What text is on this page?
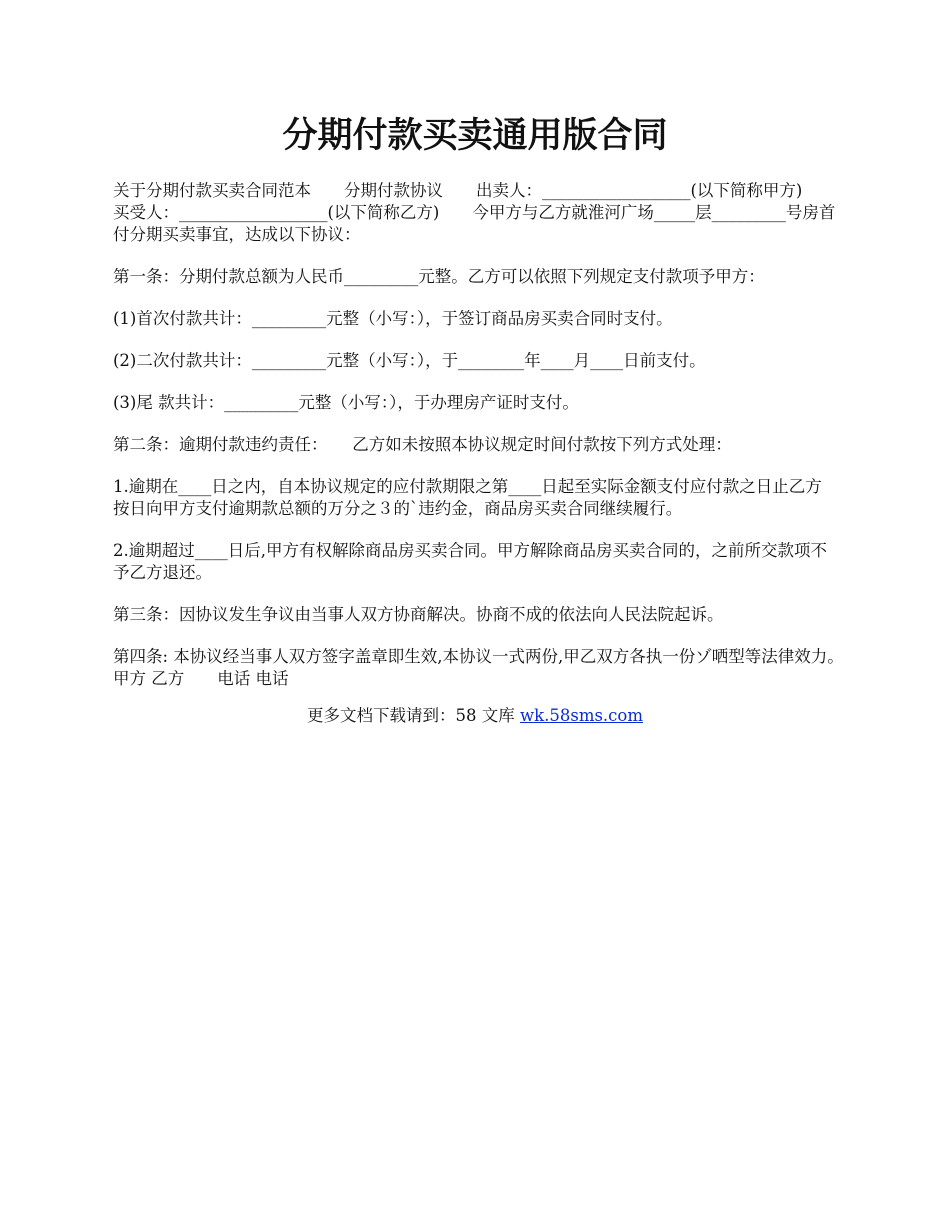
分期付款买卖通用版合同

关于分期付款买卖合同范本　　分期付款协议　　出卖人：__________________(以下简称甲方)　　买受人：__________________(以下简称乙方)　　今甲方与乙方就淮河广场_____层_________号房首付分期买卖事宜，达成以下协议：

第一条：分期付款总额为人民币_________元整。乙方可以依照下列规定支付款项予甲方：

(1)首次付款共计：_________元整（小写：），于签订商品房买卖合同时支付。

(2)二次付款共计：_________元整（小写：），于________年____月____日前支付。

(3)尾 款共计：_________元整（小写：），于办理房产证时支付。

第二条：逾期付款违约责任：　　乙方如未按照本协议规定时间付款按下列方式处理：

1.逾期在____日之内，自本协议规定的应付款期限之第____日起至实际金额支付应付款之日止乙方按日向甲方支付逾期款总额的万分之３的`违约金，商品房买卖合同继续履行。

2.逾期超过____日后,甲方有权解除商品房买卖合同。甲方解除商品房买卖合同的，之前所交款项不予乙方退还。

第三条：因协议发生争议由当事人双方协商解决。协商不成的依法向人民法院起诉。

第四条: 本协议经当事人双方签字盖章即生效,本协议一式两份,甲乙双方各执一份ゾ哂型等法律效力。　　甲方 乙方　　电话 电话

更多文档下载请到：58 文库 wk.58sms.com
